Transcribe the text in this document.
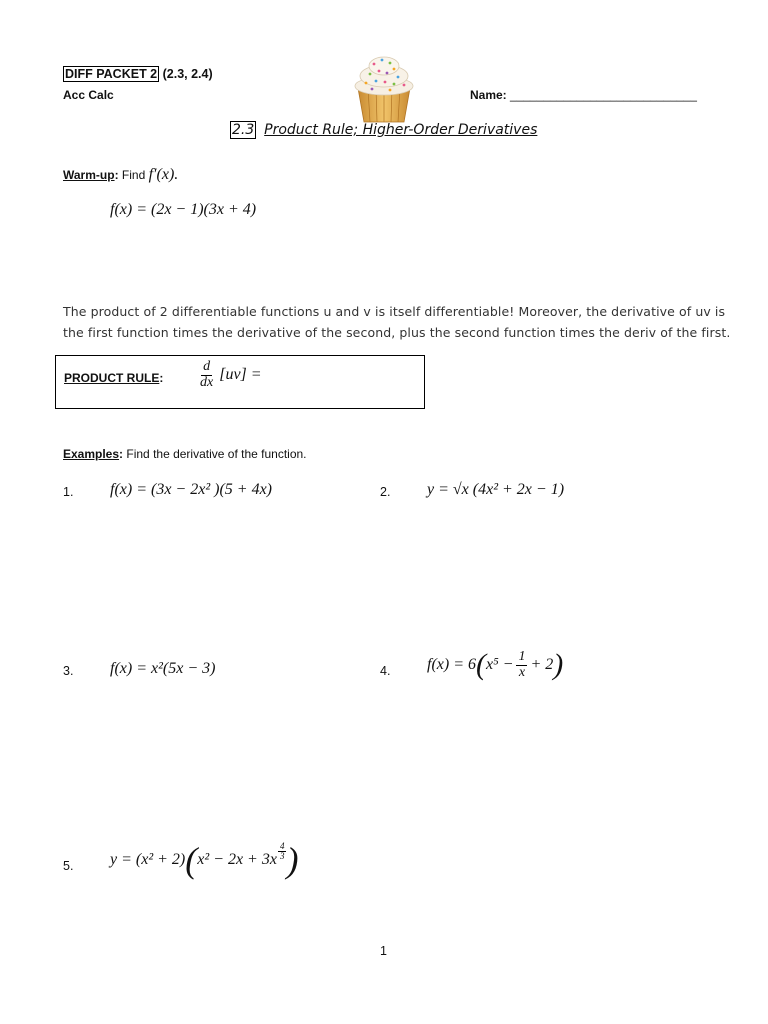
DIFF PACKET 2 (2.3, 2.4)
Acc Calc	Name: ____________________________
2.3 Product Rule; Higher-Order Derivatives
Warm-up: Find f′(x).
f(x) = (2x − 1)(3x + 4)
The product of 2 differentiable functions u and v is itself differentiable! Moreover, the derivative of uv is
the first function times the derivative of the second, plus the second function times the deriv of the first.
PRODUCT RULE: $\frac{d}{dx} [uv]$ =
Examples: Find the derivative of the function.
1. f(x) = (3x − 2x² )(5 + 4x)	2. y = √x (4x² + 2x − 1)
3. f(x) = x²(5x − 3)	4. f(x) = 6 ( $x^5 - \frac{1}{x} + 2$ )
5. y = (x² + 2) ( $x^2 - 2x + 3x \frac{4}{3}$ )
1
